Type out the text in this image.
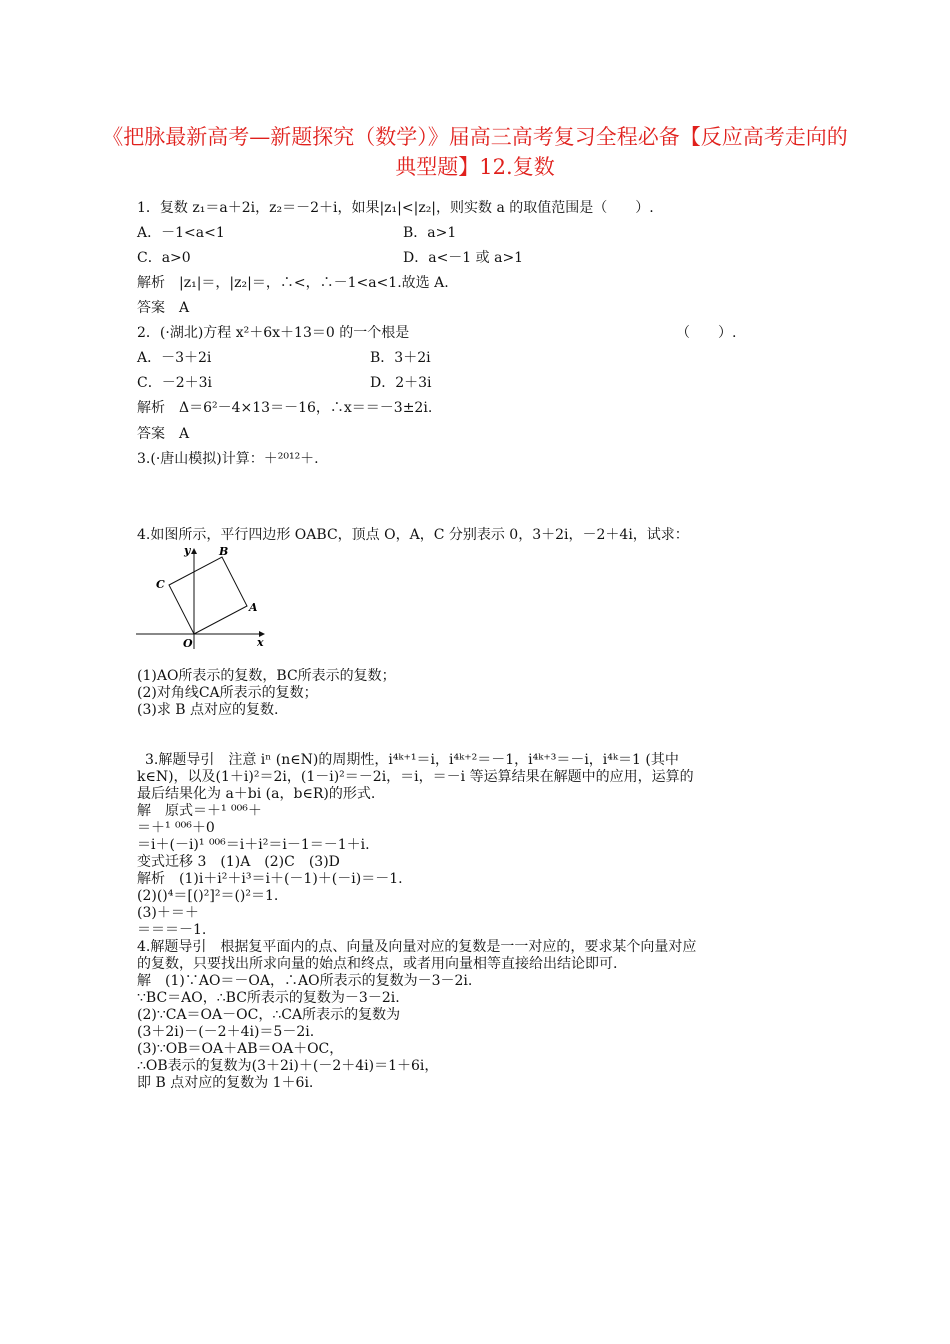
《把脉最新高考—新题探究（数学）》届高三高考复习全程必备【反应高考走向的典型题】12.复数
1．复数 z₁＝a＋2i，z₂＝－2＋i，如果|z₁|<|z₂|，则实数 a 的取值范围是（　　）.
A．－1<a<1	B．a>1
C．a>0	D．a<－1 或 a>1
解析　|z₁|＝，|z₂|＝，∴<，∴－1<a<1.故选 A.
答案　A
2．(·湖北)方程 x²＋6x＋13＝0 的一个根是	（　　）.
A．－3＋2i	B．3＋2i
C．－2＋3i	D．2＋3i
解析　Δ＝6²－4×13＝－16，∴x＝＝－3±2i.
答案　A
3.(·唐山模拟)计算：＋²⁰¹²＋.
4.如图所示，平行四边形 OABC，顶点 O，A，C 分别表示 0，3＋2i，－2＋4i，试求：
y	B
C
A
O	x
(1)AO所表示的复数，BC所表示的复数；
(2)对角线CA所表示的复数；
(3)求 B 点对应的复数.
3.解题导引　注意 iⁿ (n∈N)的周期性，i⁴ᵏ⁺¹＝i，i⁴ᵏ⁺²＝－1，i⁴ᵏ⁺³＝－i，i⁴ᵏ＝1 (其中
k∈N)，以及(1＋i)²＝2i，(1－i)²＝－2i，＝i，＝－i 等运算结果在解题中的应用，运算的
最后结果化为 a＋bi (a，b∈R)的形式.
解　原式＝＋¹ ⁰⁰⁶＋
＝＋¹ ⁰⁰⁶＋0
＝i＋(－i)¹ ⁰⁰⁶＝i＋i²＝i－1＝－1＋i.
变式迁移 3　(1)A　(2)C　(3)D
解析　(1)i＋i²＋i³＝i＋(－1)＋(－i)＝－1.
(2)()⁴＝[()²]²＝()²＝1.
(3)＋＝＋
＝＝＝－1.
4.解题导引　根据复平面内的点、向量及向量对应的复数是一一对应的，要求某个向量对应
的复数，只要找出所求向量的始点和终点，或者用向量相等直接给出结论即可.
解　(1)∵AO＝－OA，∴AO所表示的复数为－3－2i.
∵BC＝AO，∴BC所表示的复数为－3－2i.
(2)∵CA＝OA－OC，∴CA所表示的复数为
(3＋2i)－(－2＋4i)＝5－2i.
(3)∵OB＝OA＋AB＝OA＋OC，
∴OB表示的复数为(3＋2i)＋(－2＋4i)＝1＋6i，
即 B 点对应的复数为 1＋6i.
